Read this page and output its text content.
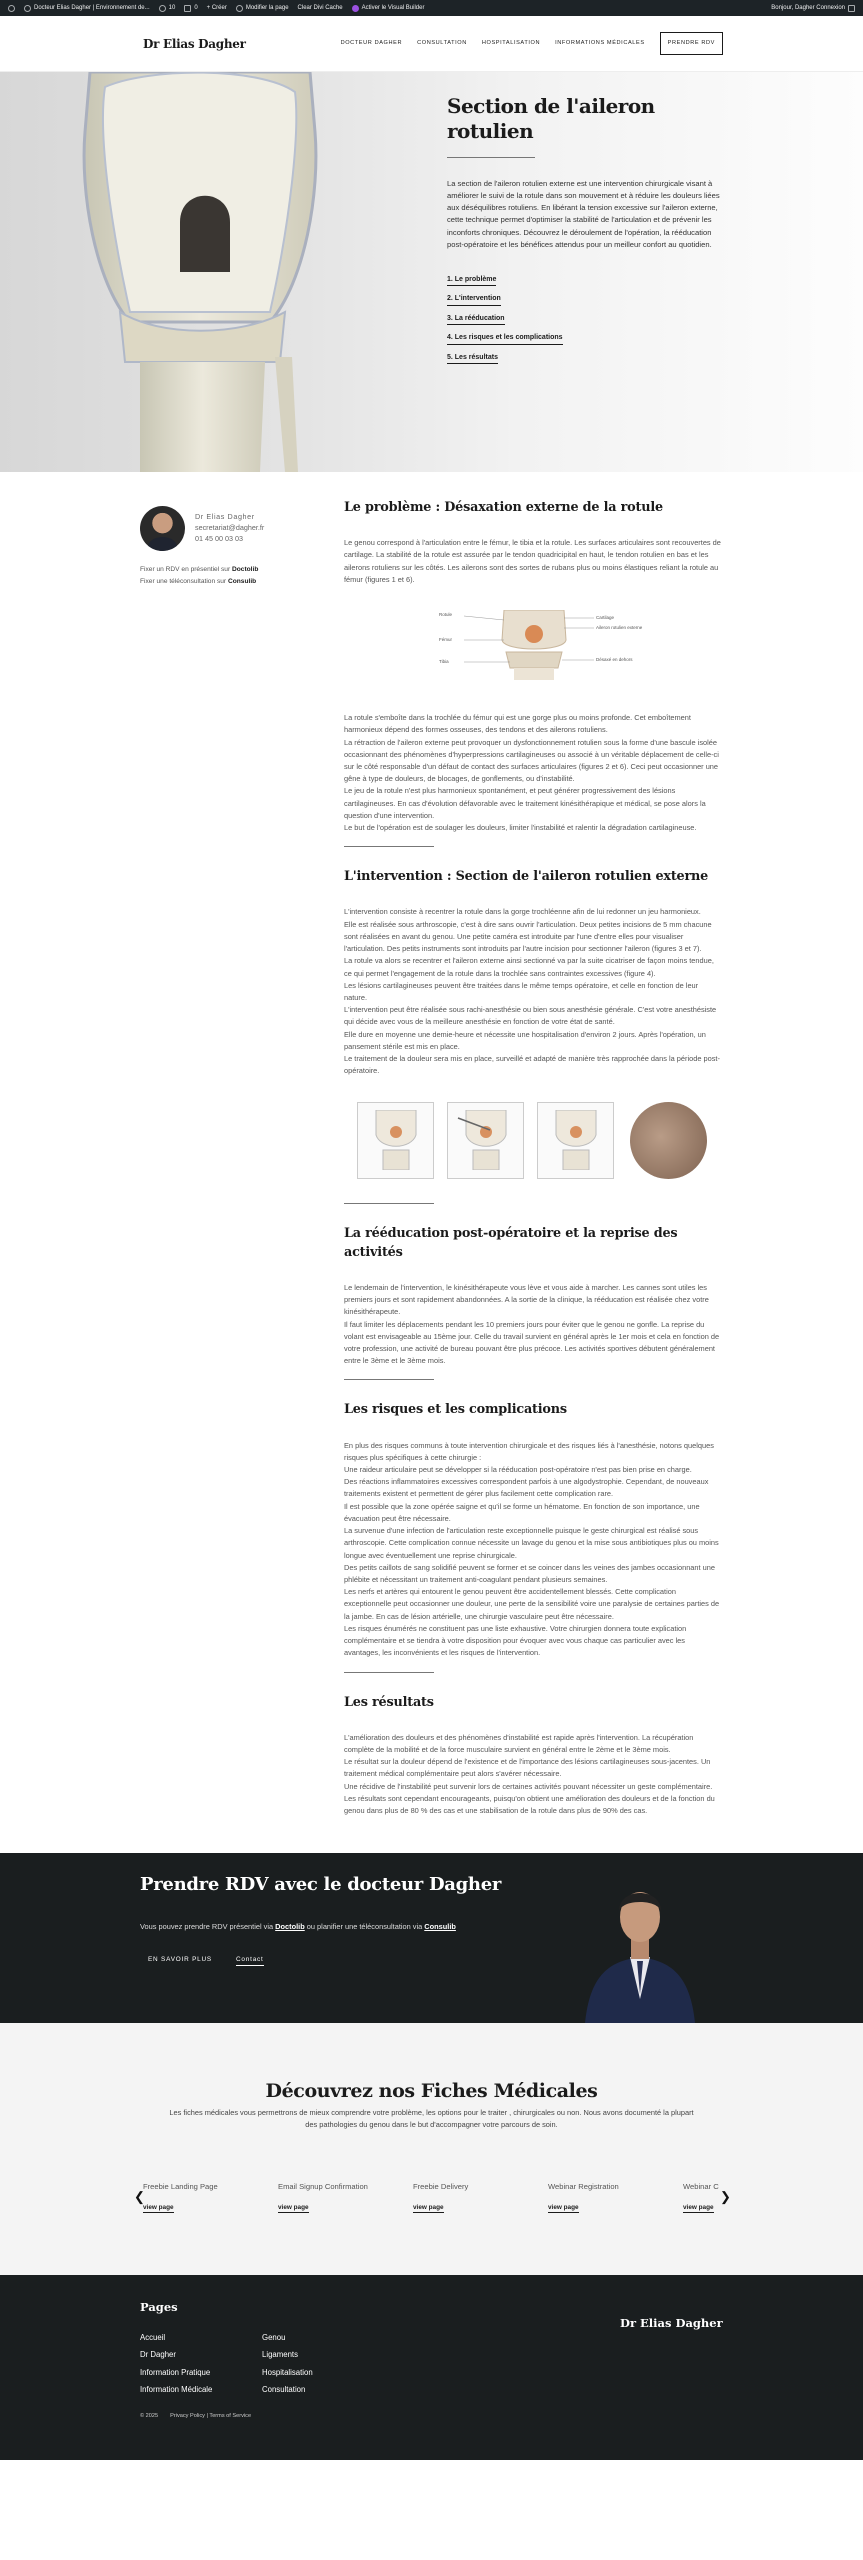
Docteur Elias Dagher | Environnement de...	10	0 + Créer	Modifier la page Clear Divi Cache	Activer le Visual Builder	Bonjour, Dagher Connexion
Dr Elias Dagher	DOCTEUR DAGHER	CONSULTATION	HOSPITALISATION	INFORMATIONS MÉDICALES	PRENDRE RDV
Section de l'aileron rotulien

La section de l'aileron rotulien externe est une intervention chirurgicale visant à améliorer le suivi de la rotule dans son mouvement et à réduire les douleurs liées aux déséquilibres rotuliens. En libérant la tension excessive sur l'aileron externe, cette technique permet d'optimiser la stabilité de l'articulation et de prévenir les inconforts chroniques. Découvrez le déroulement de l'opération, la rééducation post-opératoire et les bénéfices attendus pour un meilleur confort au quotidien.

1. Le problème
2. L'intervention
3. La rééducation
4. Les risques et les complications
5. Les résultats
Dr Elias Dagher
secretariat@dagher.fr
01 45 00 03 03
Fixer un RDV en présentiel sur Doctolib
Fixer une téléconsultation sur Consulib
Le problème : Désaxation externe de la rotule

Le genou correspond à l'articulation entre le fémur, le tibia et la rotule. Les surfaces articulaires sont recouvertes de cartilage. La stabilité de la rotule est assurée par le tendon quadricipital en haut, le tendon rotulien en bas et les ailerons rotuliens sur les côtés. Les ailerons sont des sortes de rubans plus ou moins élastiques reliant la rotule au fémur (figures 1 et 6).

Rotule
Fémur
Tibia
Cartilage
Aileron rotulien externe
Désaxé en dehors

La rotule s'emboîte dans la trochlée du fémur qui est une gorge plus ou moins profonde. Cet emboîtement harmonieux dépend des formes osseuses, des tendons et des ailerons rotuliens.
La rétraction de l'aileron externe peut provoquer un dysfonctionnement rotulien sous la forme d'une bascule isolée occasionnant des phénomènes d'hyperpressions cartilagineuses ou associé à un véritable déplacement de celle-ci sur le côté responsable d'un défaut de contact des surfaces articulaires (figures 2 et 6). Ceci peut occasionner une gêne à type de douleurs, de blocages, de gonflements, ou d'instabilité.
Le jeu de la rotule n'est plus harmonieux spontanément, et peut générer progressivement des lésions cartilagineuses. En cas d'évolution défavorable avec le traitement kinésithérapique et médical, se pose alors la question d'une intervention.
Le but de l'opération est de soulager les douleurs, limiter l'instabilité et ralentir la dégradation cartilagineuse.

L'intervention : Section de l'aileron rotulien externe

L'intervention consiste à recentrer la rotule dans la gorge trochléenne afin de lui redonner un jeu harmonieux.
Elle est réalisée sous arthroscopie, c'est à dire sans ouvrir l'articulation. Deux petites incisions de 5 mm chacune sont réalisées en avant du genou. Une petite caméra est introduite par l'une d'entre elles pour visualiser l'articulation. Des petits instruments sont introduits par l'autre incision pour sectionner l'aileron (figures 3 et 7).
La rotule va alors se recentrer et l'aileron externe ainsi sectionné va par la suite cicatriser de façon moins tendue, ce qui permet l'engagement de la rotule dans la trochlée sans contraintes excessives (figure 4).
Les lésions cartilagineuses peuvent être traitées dans le même temps opératoire, et celle en fonction de leur nature.
L'intervention peut être réalisée sous rachi-anesthésie ou bien sous anesthésie générale. C'est votre anesthésiste qui décide avec vous de la meilleure anesthésie en fonction de votre état de santé.
Elle dure en moyenne une demie-heure et nécessite une hospitalisation d'environ 2 jours. Après l'opération, un pansement stérile est mis en place.
Le traitement de la douleur sera mis en place, surveillé et adapté de manière très rapprochée dans la période post-opératoire.

La rééducation post-opératoire et la reprise des activités

Le lendemain de l'intervention, le kinésithérapeute vous lève et vous aide à marcher. Les cannes sont utiles les premiers jours et sont rapidement abandonnées. A la sortie de la clinique, la rééducation est réalisée chez votre kinésithérapeute.
Il faut limiter les déplacements pendant les 10 premiers jours pour éviter que le genou ne gonfle. La reprise du volant est envisageable au 15ème jour. Celle du travail survient en général après le 1er mois et cela en fonction de votre profession, une activité de bureau pouvant être plus précoce. Les activités sportives débutent généralement entre le 3ème et le 3ème mois.

Les risques et les complications

En plus des risques communs à toute intervention chirurgicale et des risques liés à l'anesthésie, notons quelques risques plus spécifiques à cette chirurgie :
Une raideur articulaire peut se développer si la rééducation post-opératoire n'est pas bien prise en charge.
Des réactions inflammatoires excessives correspondent parfois à une algodystrophie. Cependant, de nouveaux traitements existent et permettent de gérer plus facilement cette complication rare.
Il est possible que la zone opérée saigne et qu'il se forme un hématome. En fonction de son importance, une évacuation peut être nécessaire.
La survenue d'une infection de l'articulation reste exceptionnelle puisque le geste chirurgical est réalisé sous arthroscopie. Cette complication connue nécessite un lavage du genou et la mise sous antibiotiques plus ou moins longue avec éventuellement une reprise chirurgicale.
Des petits caillots de sang solidifié peuvent se former et se coincer dans les veines des jambes occasionnant une phlébite et nécessitant un traitement anti-coagulant pendant plusieurs semaines.
Les nerfs et artères qui entourent le genou peuvent être accidentellement blessés. Cette complication exceptionnelle peut occasionner une douleur, une perte de la sensibilité voire une paralysie de certaines parties de la jambe. En cas de lésion artérielle, une chirurgie vasculaire peut être nécessaire.
Les risques énumérés ne constituent pas une liste exhaustive. Votre chirurgien donnera toute explication complémentaire et se tiendra à votre disposition pour évoquer avec vous chaque cas particulier avec les avantages, les inconvénients et les risques de l'intervention.

Les résultats

L'amélioration des douleurs et des phénomènes d'instabilité est rapide après l'intervention. La récupération complète de la mobilité et de la force musculaire survient en général entre le 2ème et le 3ème mois.
Le résultat sur la douleur dépend de l'existence et de l'importance des lésions cartilagineuses sous-jacentes. Un traitement médical complémentaire peut alors s'avérer nécessaire.
Une récidive de l'instabilité peut survenir lors de certaines activités pouvant nécessiter un geste complémentaire.
Les résultats sont cependant encourageants, puisqu'on obtient une amélioration des douleurs et de la fonction du genou dans plus de 80 % des cas et une stabilisation de la rotule dans plus de 90% des cas.

Prendre RDV avec le docteur Dagher

Vous pouvez prendre RDV présentiel via Doctolib ou planifier une téléconsultation via Consulib

EN SAVOIR PLUS	Contact
Découvrez nos Fiches Médicales

Les fiches médicales vous permettrons de mieux comprendre votre problème, les options pour le traiter , chirurgicales ou non. Nous avons documenté la plupart des pathologies du genou dans le but d'accompagner votre parcours de soin.

❮	❯
Freebie Landing Page
view page
Email Signup Confirmation
view page
Freebie Delivery
view page
Webinar Registration
view page
Webinar C
view page
Pages
Accueil
Dr Dagher
Information Pratique
Information Médicale
Genou
Ligaments
Hospitalisation
Consultation
Dr Elias Dagher
© 2025 Privacy Policy | Terms of Service
